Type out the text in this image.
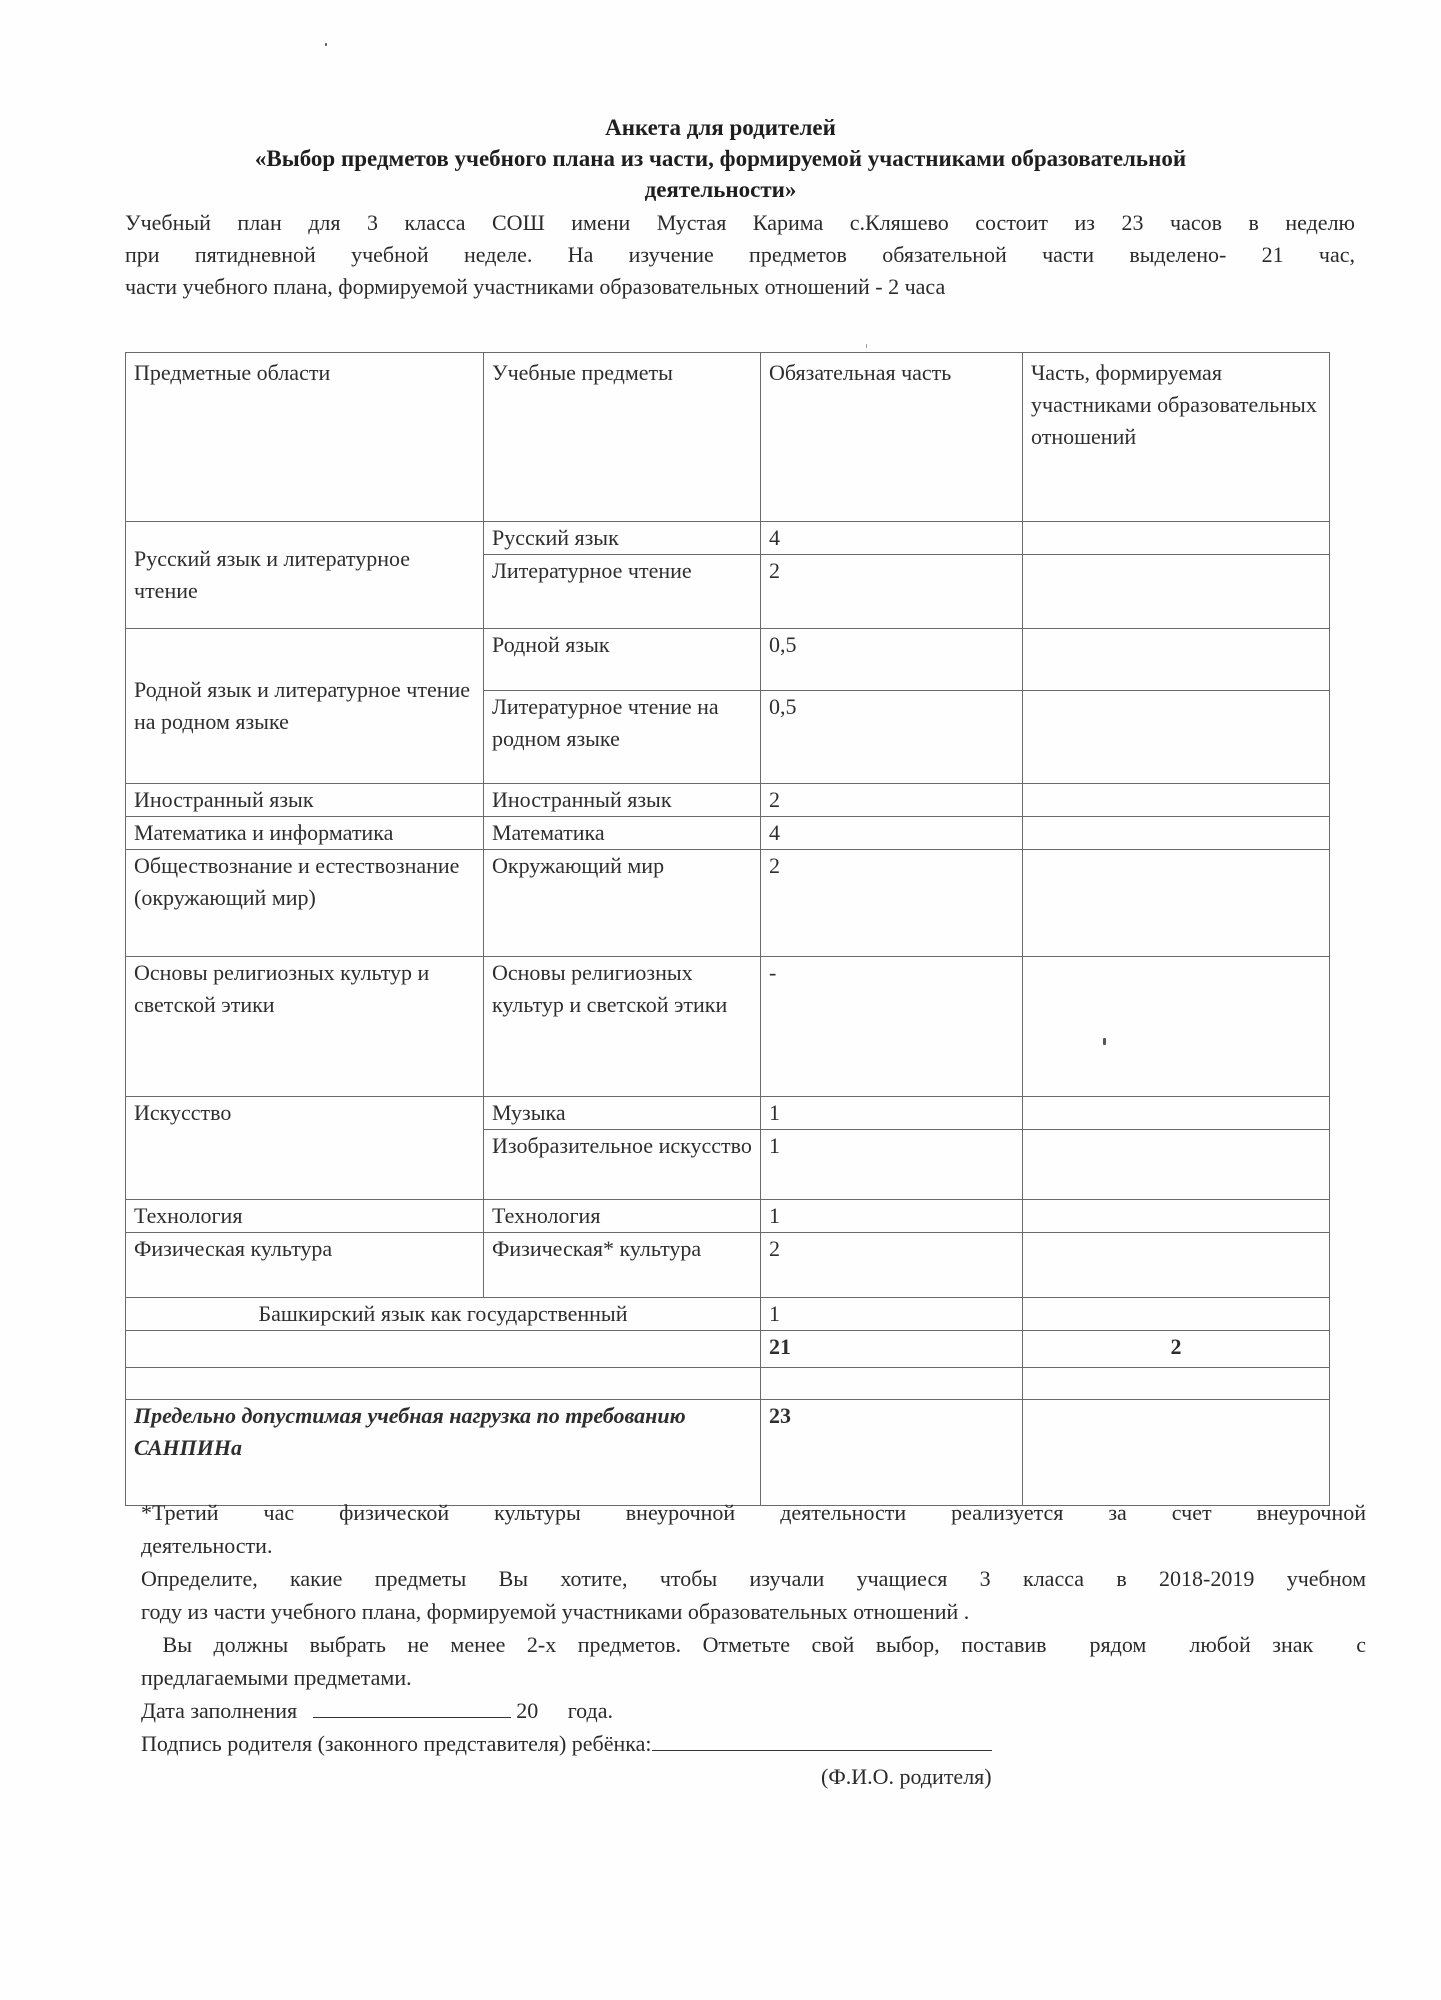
Анкета для родителей
«Выбор предметов учебного плана из части, формируемой участниками образовательной
деятельности»
Учебный план для 3 класса СОШ имени Мустая Карима с.Кляшево состоит из 23 часов в неделю
при пятидневной учебной неделе. На изучение предметов обязательной части выделено- 21 час,
части учебного плана, формируемой участниками образовательных отношений - 2 часа
Предметные области	Учебные предметы	Обязательная часть	Часть, формируемая участниками образовательных отношений
Русский язык и литературное чтение	Русский язык	4	
	Литературное чтение	2	
Родной язык и литературное чтение на родном языке	Родной язык	0,5	
	Литературное чтение на родном языке	0,5	
Иностранный язык	Иностранный язык	2	
Математика и информатика	Математика	4	
Обществознание и естествознание (окружающий мир)	Окружающий мир	2	
Основы религиозных культур и светской этики	Основы религиозных культур и светской этики	-	
Искусство	Музыка	1	
	Изобразительное искусство	1	
Технология	Технология	1	
Физическая культура	Физическая* культура	2	
Башкирский язык как государственный		1	
		21	2

Предельно допустимая учебная нагрузка по требованию САНПИНа		23	
*Третий час физической культуры внеурочной деятельности реализуется за счет внеурочной
деятельности.
Определите, какие предметы Вы хотите, чтобы изучали учащиеся 3 класса в 2018-2019 учебном
году из части учебного плана, формируемой участниками образовательных отношений .
Вы должны выбрать не менее 2-х предметов. Отметьте свой выбор, поставив  рядом  любой знак  с
предлагаемыми предметами.
Дата заполнения	20 года.
Подпись родителя (законного представителя) ребёнка:
(Ф.И.О. родителя)
